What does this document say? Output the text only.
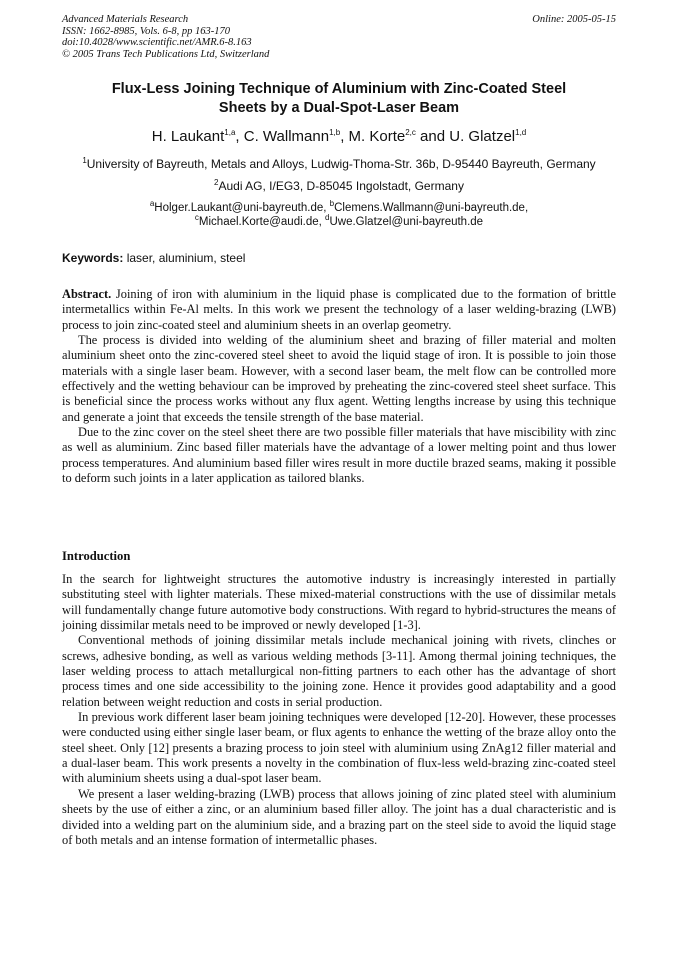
Advanced Materials Research
ISSN: 1662-8985, Vols. 6-8, pp 163-170
doi:10.4028/www.scientific.net/AMR.6-8.163
© 2005 Trans Tech Publications Ltd, Switzerland
Online: 2005-05-15
Flux-Less Joining Technique of Aluminium with Zinc-Coated Steel
Sheets by a Dual-Spot-Laser Beam
H. Laukant$^{1,a}$, C. Wallmann$^{1,b}$, M. Korte$^{2,c}$ and U. Glatzel$^{1,d}$
$^1$University of Bayreuth, Metals and Alloys, Ludwig-Thoma-Str. 36b, D-95440 Bayreuth, Germany
$^2$Audi AG, I/EG3, D-85045 Ingolstadt, Germany
$^a$Holger.Laukant@uni-bayreuth.de, $^b$Clemens.Wallmann@uni-bayreuth.de,
$^c$Michael.Korte@audi.de, $^d$Uwe.Glatzel@uni-bayreuth.de
Keywords: laser, aluminium, steel

Abstract. Joining of iron with aluminium in the liquid phase is complicated due to the formation of brittle intermetallics within Fe-Al melts. In this work we present the technology of a laser welding-brazing (LWB) process to join zinc-coated steel and aluminium sheets in an overlap geometry.

The process is divided into welding of the aluminium sheet and brazing of filler material and molten aluminium sheet onto the zinc-covered steel sheet to avoid the liquid stage of iron. It is possible to join those materials with a single laser beam. However, with a second laser beam, the melt flow can be controlled more effectively and the wetting behaviour can be improved by preheating the zinc-covered steel sheet surface. This is beneficial since the process works without any flux agent. Wetting lengths increase by using this technique and generate a joint that exceeds the tensile strength of the base material.

Due to the zinc cover on the steel sheet there are two possible filler materials that have miscibility with zinc as well as aluminium. Zinc based filler materials have the advantage of a lower melting point and thus lower process temperatures. And aluminium based filler wires result in more ductile brazed seams, making it possible to deform such joints in a later application as tailored blanks.

Introduction

In the search for lightweight structures the automotive industry is increasingly interested in partially substituting steel with lighter materials. These mixed-material constructions with the use of dissimilar metals will fundamentally change future automotive body constructions. With regard to hybrid-structures the means of joining dissimilar metals need to be improved or newly developed [1-3].

Conventional methods of joining dissimilar metals include mechanical joining with rivets, clinches or screws, adhesive bonding, as well as various welding methods [3-11]. Among thermal joining techniques, the laser welding process to attach metallurgical non-fitting partners to each other has the advantage of short process times and one side accessibility to the joining zone. Hence it provides good adaptability and a good relation between weight reduction and costs in serial production.

In previous work different laser beam joining techniques were developed [12-20]. However, these processes were conducted using either single laser beam, or flux agents to enhance the wetting of the braze alloy onto the steel sheet. Only [12] presents a brazing process to join steel with aluminium using ZnAg12 filler material and a dual-laser beam. This work presents a novelty in the combination of flux-less weld-brazing zinc-coated steel with aluminium sheets using a dual-spot laser beam.

We present a laser welding-brazing (LWB) process that allows joining of zinc plated steel with aluminium sheets by the use of either a zinc, or an aluminium based filler alloy. The joint has a dual characteristic and is divided into a welding part on the aluminium side, and a brazing part on the steel side to avoid the liquid stage of both metals and an intense formation of intermetallic phases.
